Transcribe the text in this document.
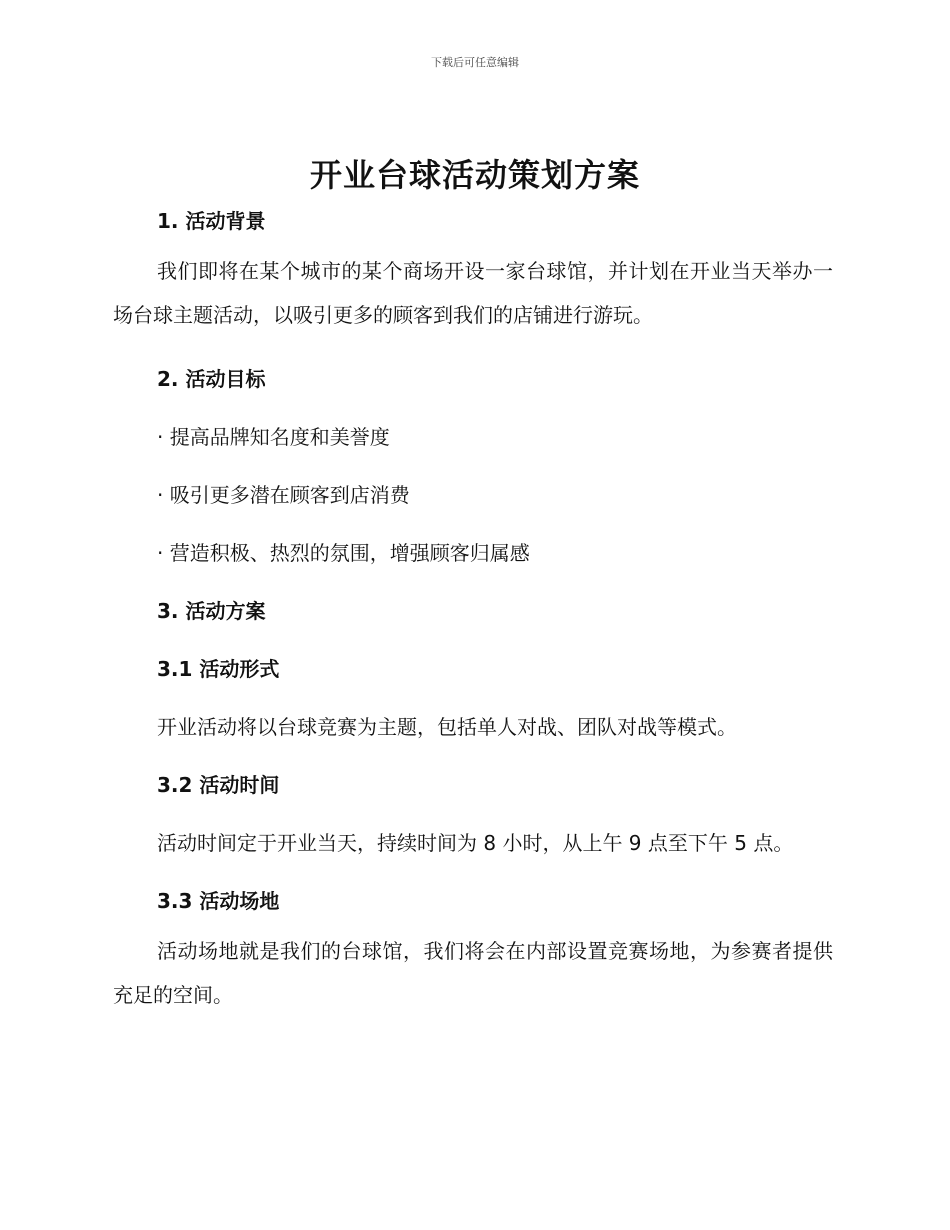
下载后可任意编辑
开业台球活动策划方案

1. 活动背景

我们即将在某个城市的某个商场开设一家台球馆，并计划在开业当天举办一场台球主题活动，以吸引更多的顾客到我们的店铺进行游玩。

2. 活动目标

· 提高品牌知名度和美誉度

· 吸引更多潜在顾客到店消费

· 营造积极、热烈的氛围，增强顾客归属感

3. 活动方案

3.1 活动形式

开业活动将以台球竞赛为主题，包括单人对战、团队对战等模式。

3.2 活动时间

活动时间定于开业当天，持续时间为 8 小时，从上午 9 点至下午 5 点。

3.3 活动场地

活动场地就是我们的台球馆，我们将会在内部设置竞赛场地，为参赛者提供充足的空间。
